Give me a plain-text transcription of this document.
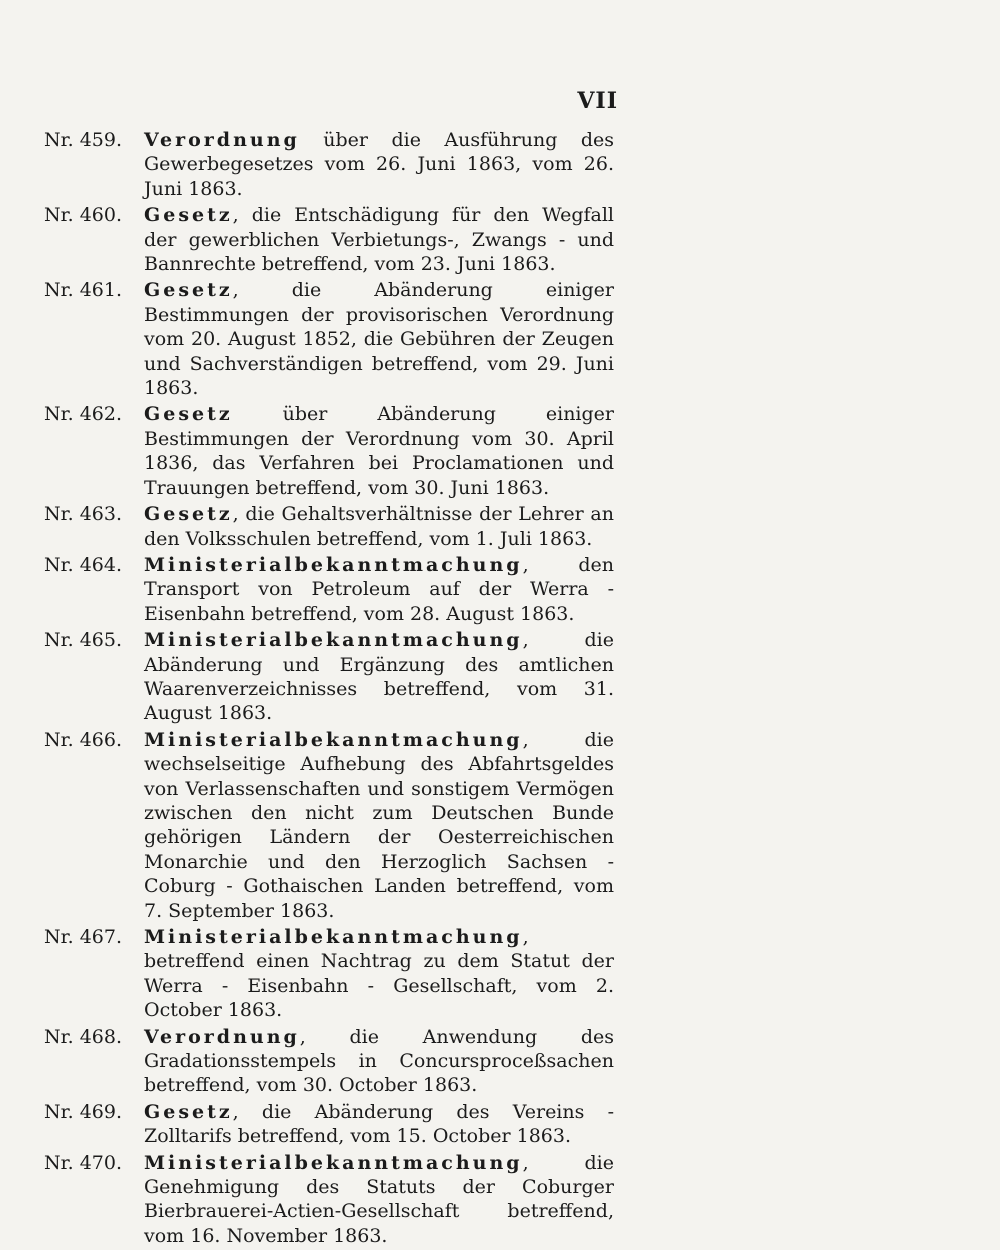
VII
Nr. 459.	Verordnung über die Ausführung des Gewerbegesetzes vom 26. Juni 1863, vom 26. Juni 1863.
Nr. 460.	Gesetz, die Entschädigung für den Wegfall der gewerblichen Verbietungs-, Zwangs - und Bannrechte betreffend, vom 23. Juni 1863.
Nr. 461.	Gesetz, die Abänderung einiger Bestimmungen der provisorischen Verordnung vom 20. August 1852, die Gebühren der Zeugen und Sachverständigen betreffend, vom 29. Juni 1863.
Nr. 462.	Gesetz über Abänderung einiger Bestimmungen der Verordnung vom 30. April 1836, das Verfahren bei Proclamationen und Trauungen betreffend, vom 30. Juni 1863.
Nr. 463.	Gesetz, die Gehaltsverhältnisse der Lehrer an den Volksschulen betreffend, vom 1. Juli 1863.
Nr. 464.	Ministerialbekanntmachung, den Transport von Petroleum auf der Werra - Eisenbahn betreffend, vom 28. August 1863.
Nr. 465.	Ministerialbekanntmachung, die Abänderung und Ergänzung des amtlichen Waarenverzeichnisses betreffend, vom 31. August 1863.
Nr. 466.	Ministerialbekanntmachung, die wechselseitige Aufhebung des Abfahrtsgeldes von Verlassenschaften und sonstigem Vermögen zwischen den nicht zum Deutschen Bunde gehörigen Ländern der Oesterreichischen Monarchie und den Herzoglich Sachsen - Coburg - Gothaischen Landen betreffend, vom 7. September 1863.
Nr. 467.	Ministerialbekanntmachung, betreffend einen Nachtrag zu dem Statut der Werra - Eisenbahn - Gesellschaft, vom 2. October 1863.
Nr. 468.	Verordnung, die Anwendung des Gradationsstempels in Concursproceßsachen betreffend, vom 30. October 1863.
Nr. 469.	Gesetz, die Abänderung des Vereins - Zolltarifs betreffend, vom 15. October 1863.
Nr. 470.	Ministerialbekanntmachung, die Genehmigung des Statuts der Coburger Bierbrauerei-Actien-Gesellschaft betreffend, vom 16. November 1863.
